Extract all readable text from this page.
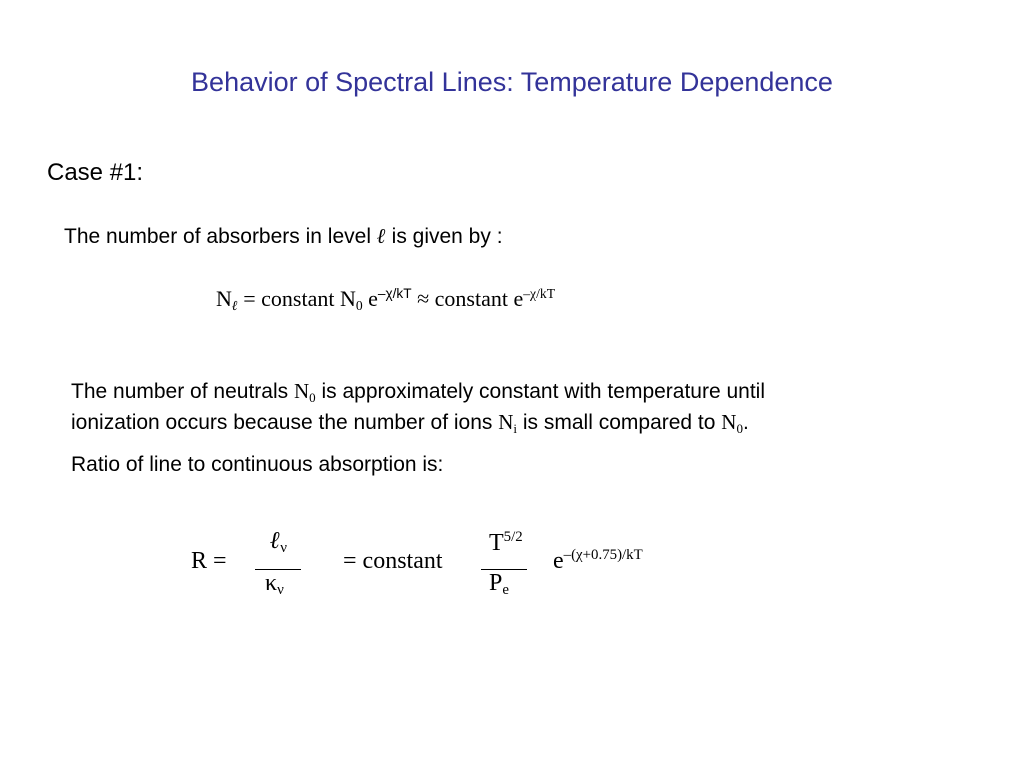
Behavior of Spectral Lines: Temperature Dependence
Case #1:
The number of absorbers in level ℓ is given by :
$N_\ell$ = constant $N_0$ $e^{-\chi/kT}$ ≈ constant $e^{-\chi/kT}$
The number of neutrals $N_0$ is approximately constant with temperature until
ionization occurs because the number of ions $N_i$ is small compared to $N_0$.
Ratio of line to continuous absorption is:
R =
ℓ$_\nu$
$\kappa_\nu$
= constant
$T^{5/2}$
$P_e$
$e^{-(\chi+0.75)/kT}$
